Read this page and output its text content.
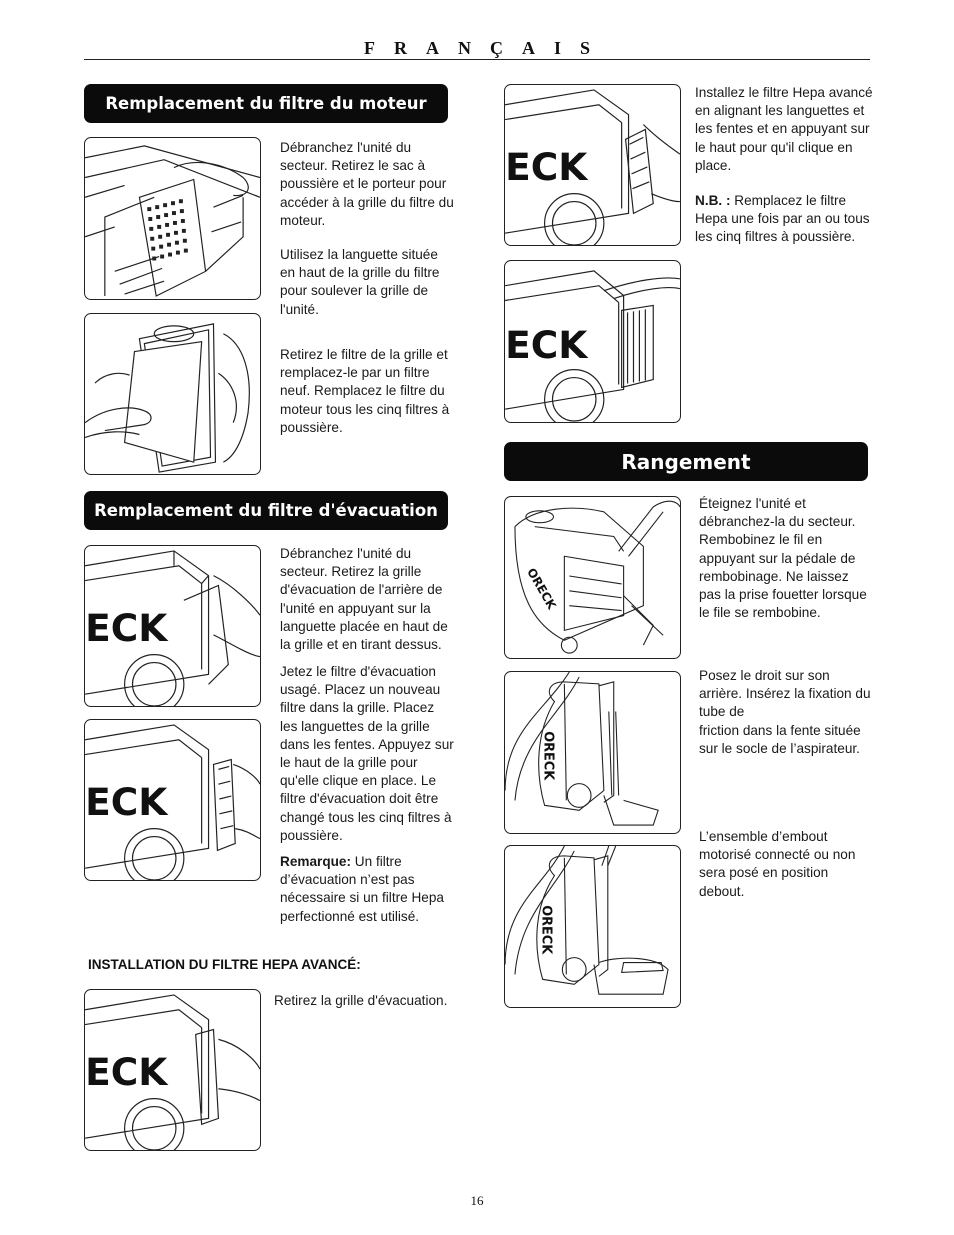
FRANÇAIS
Remplacement du filtre du moteur

Débranchez l'unité du secteur. Retirez le sac à poussière et le porteur pour accéder à la grille du filtre du moteur.

Utilisez la languette située en haut de la grille du filtre pour soulever la grille de l'unité.

Retirez le filtre de la grille et remplacez-le par un filtre neuf. Remplacez le filtre du moteur tous les cinq filtres à poussière.

Remplacement du filtre d'évacuation
ECK

Débranchez l'unité du secteur. Retirez la grille d'évacuation de l'arrière de l'unité en appuyant sur la languette placée en haut de la grille et en tirant dessus.

ECK

Jetez le filtre d'évacuation usagé. Placez un nouveau filtre dans la grille. Placez les languettes de la grille dans les fentes. Appuyez sur le haut de la grille pour qu'elle clique en place. Le filtre d'évacuation doit être changé tous les cinq filtres à poussière.

Remarque: Un filtre d’évacuation n’est pas nécessaire si un filtre Hepa perfectionné est utilisé.

INSTALLATION DU FILTRE HEPA AVANCÉ:
ECK

Retirez la grille d'évacuation.

ECK

Installez le filtre Hepa avancé en alignant les languettes et les fentes et en appuyant sur le haut pour qu'il clique en place.

N.B. : Remplacez le filtre Hepa une fois par an ou tous les cinq filtres à poussière.

ECK
Rangement
ORECK

Éteignez l'unité et débranchez-la du secteur. Rembobinez le fil en appuyant sur la pédale de rembobinage. Ne laissez pas la prise fouetter lorsque le file se rembobine.

ORECK

Posez le droit sur son arrière. Insérez la fixation du tube de
friction dans la fente située sur le socle de l’aspirateur.

ORECK

L’ensemble d’embout motorisé connecté ou non sera posé en position debout.

16
